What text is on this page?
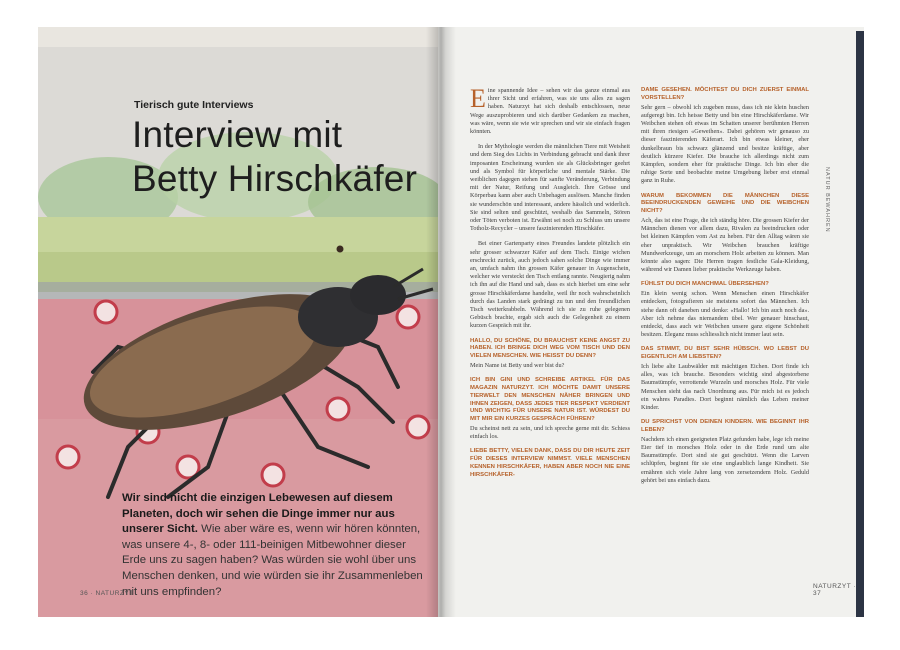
Tierisch gute Interviews
Interview mit
Betty Hirschkäfer
Wir sind nicht die einzigen Lebewesen auf diesem Planeten, doch wir sehen die Dinge immer nur aus unserer Sicht. Wie aber wäre es, wenn wir hören könnten, was unsere 4-, 8- oder 111-beinigen Mitbewohner dieser Erde uns zu sagen haben? Was würden sie wohl über uns Menschen denken, und wie würden sie ihr Zusammenleben mit uns empfinden?
36 · NATURZYT

Eine spannende Idee – sehen wir das ganze einmal aus ihrer Sicht und erfahren, was sie uns alles zu sagen haben. Naturzyt hat sich deshalb entschlossen, neue Wege auszuprobieren und sich darüber Gedanken zu machen, was wäre, wenn sie wie wir sprechen und wir sie einfach fragen könnten.

In der Mythologie werden die männlichen Tiere mit Weisheit und dem Sieg des Lichts in Verbindung gebracht und dank ihrer imposanten Erscheinung wurden sie als Glücksbringer geehrt und als Symbol für körperliche und mentale Stärke. Die weiblichen dagegen stehen für sanfte Veränderung, Verbindung mit der Natur, Reifung und Ausgleich. Ihre Grösse und Körperbau kann aber auch Unbehagen auslösen. Manche finden sie wunderschön und interessant, andere hässlich und widerlich. Sie sind selten und geschützt, weshalb das Sammeln, Stören oder Töten verboten ist. Erwähnt sei noch zu Schluss um unsere Totholz-Recycler – unsere faszinierenden Hirschkäfer.

Bei einer Gartenparty eines Freundes landete plötzlich ein sehr grosser schwarzer Käfer auf dem Tisch. Einige wichen erschreckt zurück, auch jedoch sahen solche Dinge wie immer an, umfach nahm ihn grossen Käfer genauer in Augenschein, welcher wie versteckt den Tisch entlang rannte. Neugierig nahm ich ihn auf die Hand und sah, dass es sich hierbei um eine sehr grosse Hirschkäferdame handelte, weil ihr noch wahrscheinlich durch das Landen stark gedrängt zu tun und den freundlichen Tisch weiterkrabbeln. Während ich sie zu ruhe gelegenen Gebüsch brachte, ergab sich auch die Gelegenheit zu einem kurzen Gespräch mit ihr.

HALLO, DU SCHÖNE, DU BRAUCHST KEINE ANGST ZU HABEN. ICH BRINGE DICH WEG VOM TISCH UND DEN VIELEN MENSCHEN. WIE HEISST DU DENN?

Mein Name ist Betty und wer bist du?

ICH BIN GINI UND SCHREIBE ARTIKEL FÜR DAS MAGAZIN NATURZYT. ICH MÖCHTE DAMIT UNSERE TIERWELT DEN MENSCHEN NÄHER BRINGEN UND IHNEN ZEIGEN, DASS JEDES TIER RESPEKT VERDIENT UND WICHTIG FÜR UNSERE NATUR IST. WÜRDEST DU MIT MIR EIN KURZES GESPRÄCH FÜHREN?

Du scheinst nett zu sein, und ich spreche gerne mit dir. Schiess einfach los.

LIEBE BETTY, VIELEN DANK, DASS DU DIR HEUTE ZEIT FÜR DIESES INTERVIEW NIMMST. VIELE MENSCHEN KENNEN HIRSCHKÄFER, HABEN ABER NOCH NIE EINE HIRSCHKÄFER-
DAME GESEHEN. MÖCHTEST DU DICH ZUERST EINMAL VORSTELLEN?

Sehr gern – obwohl ich zugeben muss, dass ich nie klein huschen aufgeregt bin. Ich heisse Betty und bin eine Hirschkäferdame. Wir Weibchen stehen oft etwas im Schatten unserer berühmten Herren mit ihren riesigen «Geweihen». Dabei gehören wir genauso zu dieser faszinierenden Käferart. Ich bin etwas kleiner, eher dunkelbraun bis schwarz glänzend und besitze kräftige, aber deutlich kürzere Kiefer. Die brauche ich allerdings nicht zum Kämpfen, sondern eher für praktische Dinge. Ich bin eher die ruhige Sorte und beobachte meine Umgebung lieber erst einmal ganz in Ruhe.

WARUM BEKOMMEN DIE MÄNNCHEN DIESE BEEINDRUCKENDEN GEWEIHE UND DIE WEIBCHEN NICHT?

Ach, das ist eine Frage, die ich ständig höre. Die grossen Kiefer der Männchen dienen vor allem dazu, Rivalen zu beeindrucken oder bei kleinen Kämpfen vom Ast zu heben. Für den Alltag wären sie eher unpraktisch. Wir Weibchen brauchen kräftige Mundwerkzeuge, um an morschem Holz arbeiten zu können. Man könnte also sagen: Die Herren tragen festliche Gala-Kleidung, während wir Damen lieber praktische Werkzeuge haben.

FÜHLST DU DICH MANCHMAL ÜBERSEHEN?

Ein klein wenig schon. Wenn Menschen einen Hirschkäfer entdecken, fotografieren sie meistens sofort das Männchen. Ich stehe dann oft daneben und denke: «Hallo! Ich bin auch noch da». Aber ich nehme das niemandem übel. Wer genauer hinschaut, entdeckt, dass auch wir Weibchen unsere ganz eigene Schönheit besitzen. Eleganz muss schliesslich nicht immer laut sein.

DAS STIMMT, DU BIST SEHR HÜBSCH. WO LEBST DU EIGENTLICH AM LIEBSTEN?

Ich liebe alte Laubwälder mit mächtigen Eichen. Dort finde ich alles, was ich brauche. Besonders wichtig sind abgestorbene Baumstümpfe, verrottende Wurzeln und morsches Holz. Für viele Menschen sieht das nach Unordnung aus. Für mich ist es jedoch ein wahres Paradies. Dort beginnt nämlich das Leben meiner Kinder.

DU SPRICHST VON DEINEN KINDERN. WIE BEGINNT IHR LEBEN?

Nachdem ich einen geeigneten Platz gefunden habe, lege ich meine Eier tief in morsches Holz oder in die Erde rund um alte Baumstümpfe. Dort sind sie gut geschützt. Wenn die Larven schlüpfen, beginnt für sie eine unglaublich lange Kindheit. Sie ernähren sich viele Jahre lang von zersetzendem Holz. Geduld gehört bei uns einfach dazu.

NATUR BEWAHREN
NATURZYT · 37
